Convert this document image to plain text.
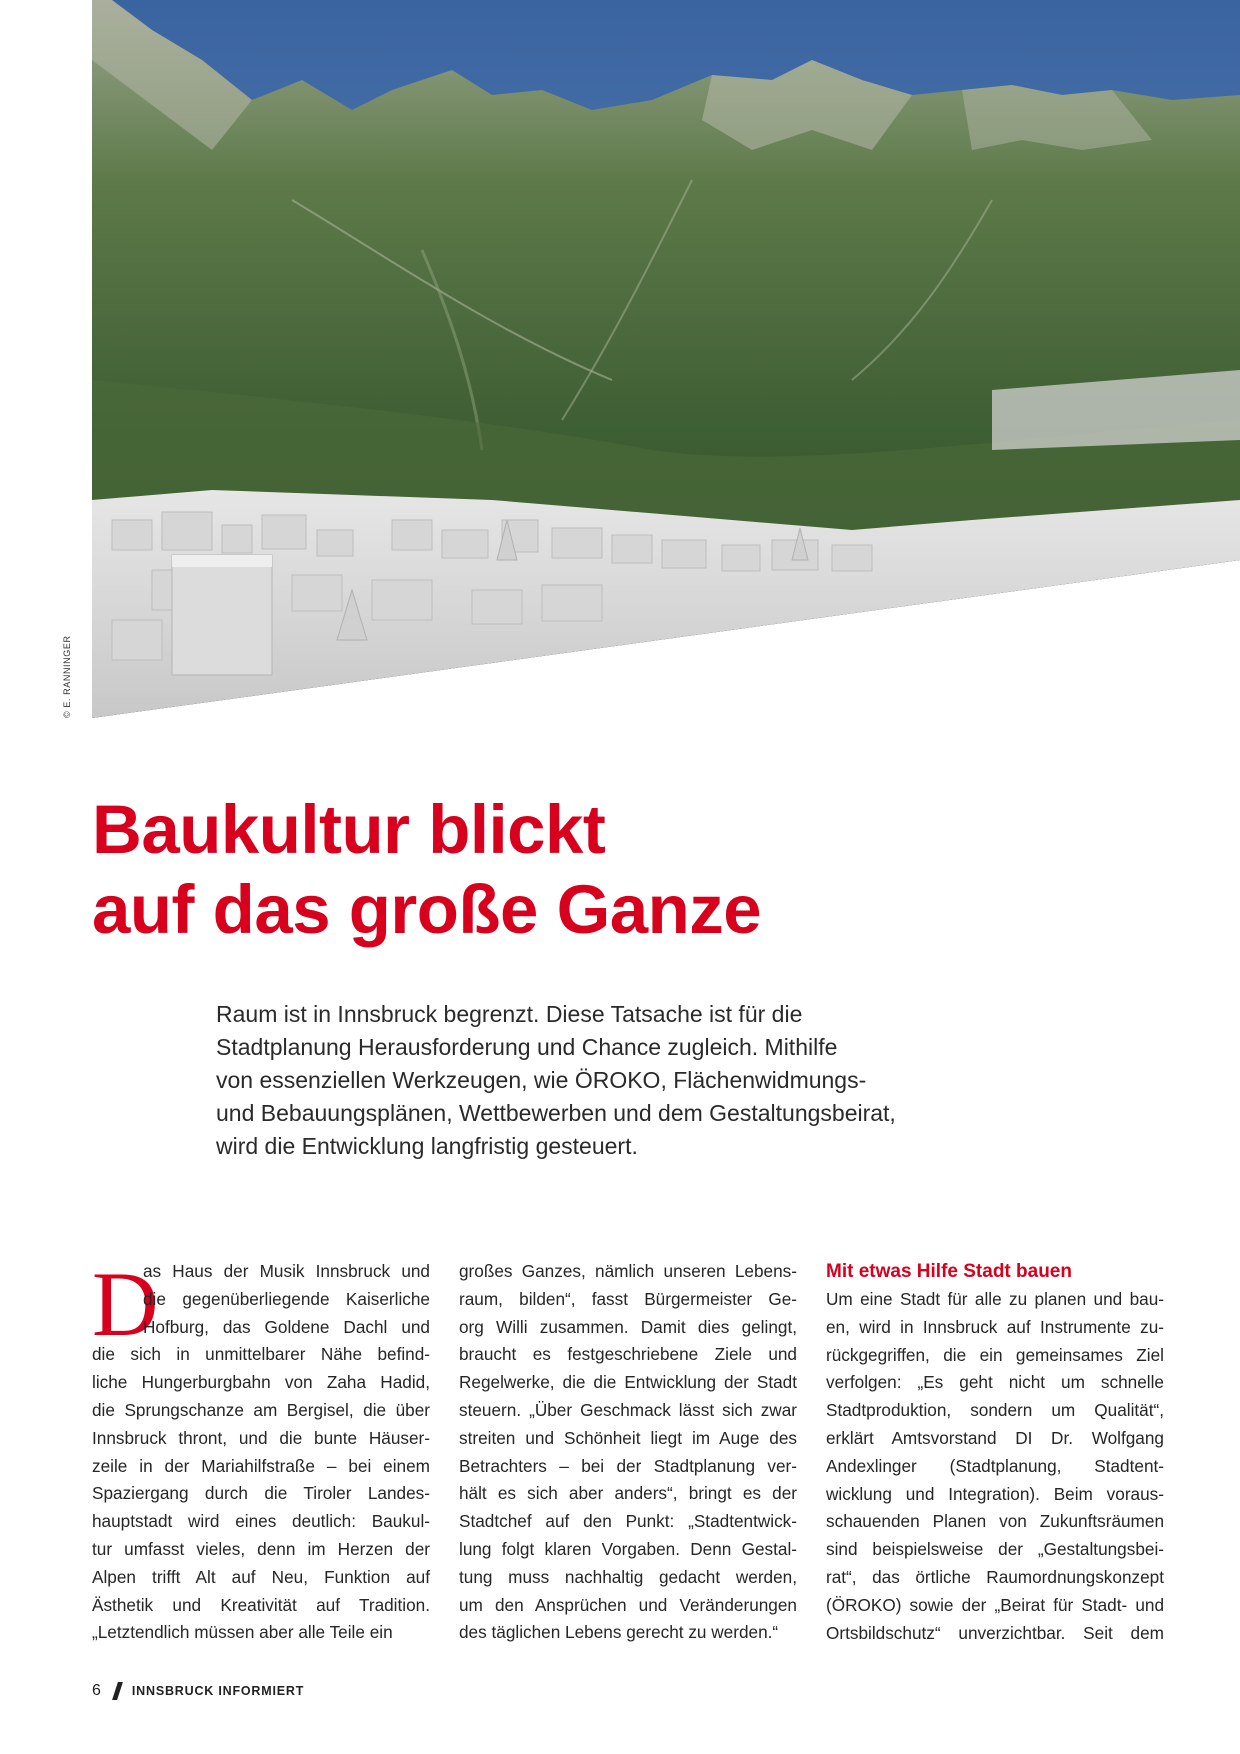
© E. RANNINGER
Baukultur blickt
auf das große Ganze
Raum ist in Innsbruck begrenzt. Diese Tatsache ist für die
Stadtplanung Herausforderung und Chance zugleich. Mithilfe
von essenziellen Werkzeugen, wie ÖROKO, Flächenwidmungs-
und Bebauungsplänen, Wettbewerben und dem Gestaltungsbeirat,
wird die Entwicklung langfristig gesteuert.
D
as Haus der Musik Innsbruck und
die gegenüberliegende Kaiserliche
Hofburg, das Goldene Dachl und
die sich in unmittelbarer Nähe befind-
liche Hungerburgbahn von Zaha Hadid,
die Sprungschanze am Bergisel, die über
Innsbruck thront, und die bunte Häuser-
zeile in der Mariahilfstraße – bei einem
Spaziergang durch die Tiroler Landes-
hauptstadt wird eines deutlich: Baukul-
tur umfasst vieles, denn im Herzen der
Alpen trifft Alt auf Neu, Funktion auf
Ästhetik und Kreativität auf Tradition.
„Letztendlich müssen aber alle Teile ein
großes Ganzes, nämlich unseren Lebens-
raum, bilden“, fasst Bürgermeister Ge-
org Willi zusammen. Damit dies gelingt,
braucht es festgeschriebene Ziele und
Regelwerke, die die Entwicklung der Stadt
steuern. „Über Geschmack lässt sich zwar
streiten und Schönheit liegt im Auge des
Betrachters – bei der Stadtplanung ver-
hält es sich aber anders“, bringt es der
Stadtchef auf den Punkt: „Stadtentwick-
lung folgt klaren Vorgaben. Denn Gestal-
tung muss nachhaltig gedacht werden,
um den Ansprüchen und Veränderungen
des täglichen Lebens gerecht zu werden.“
Mit etwas Hilfe Stadt bauen
Um eine Stadt für alle zu planen und bau-
en, wird in Innsbruck auf Instrumente zu-
rückgegriffen, die ein gemeinsames Ziel
verfolgen: „Es geht nicht um schnelle
Stadtproduktion, sondern um Qualität“,
erklärt Amtsvorstand DI Dr. Wolfgang
Andexlinger (Stadtplanung, Stadtent-
wicklung und Integration). Beim voraus-
schauenden Planen von Zukunftsräumen
sind beispielsweise der „Gestaltungsbei-
rat“, das örtliche Raumordnungskonzept
(ÖROKO) sowie der „Beirat für Stadt- und
Ortsbildschutz“ unverzichtbar. Seit dem
6 INNSBRUCK INFORMIERT
